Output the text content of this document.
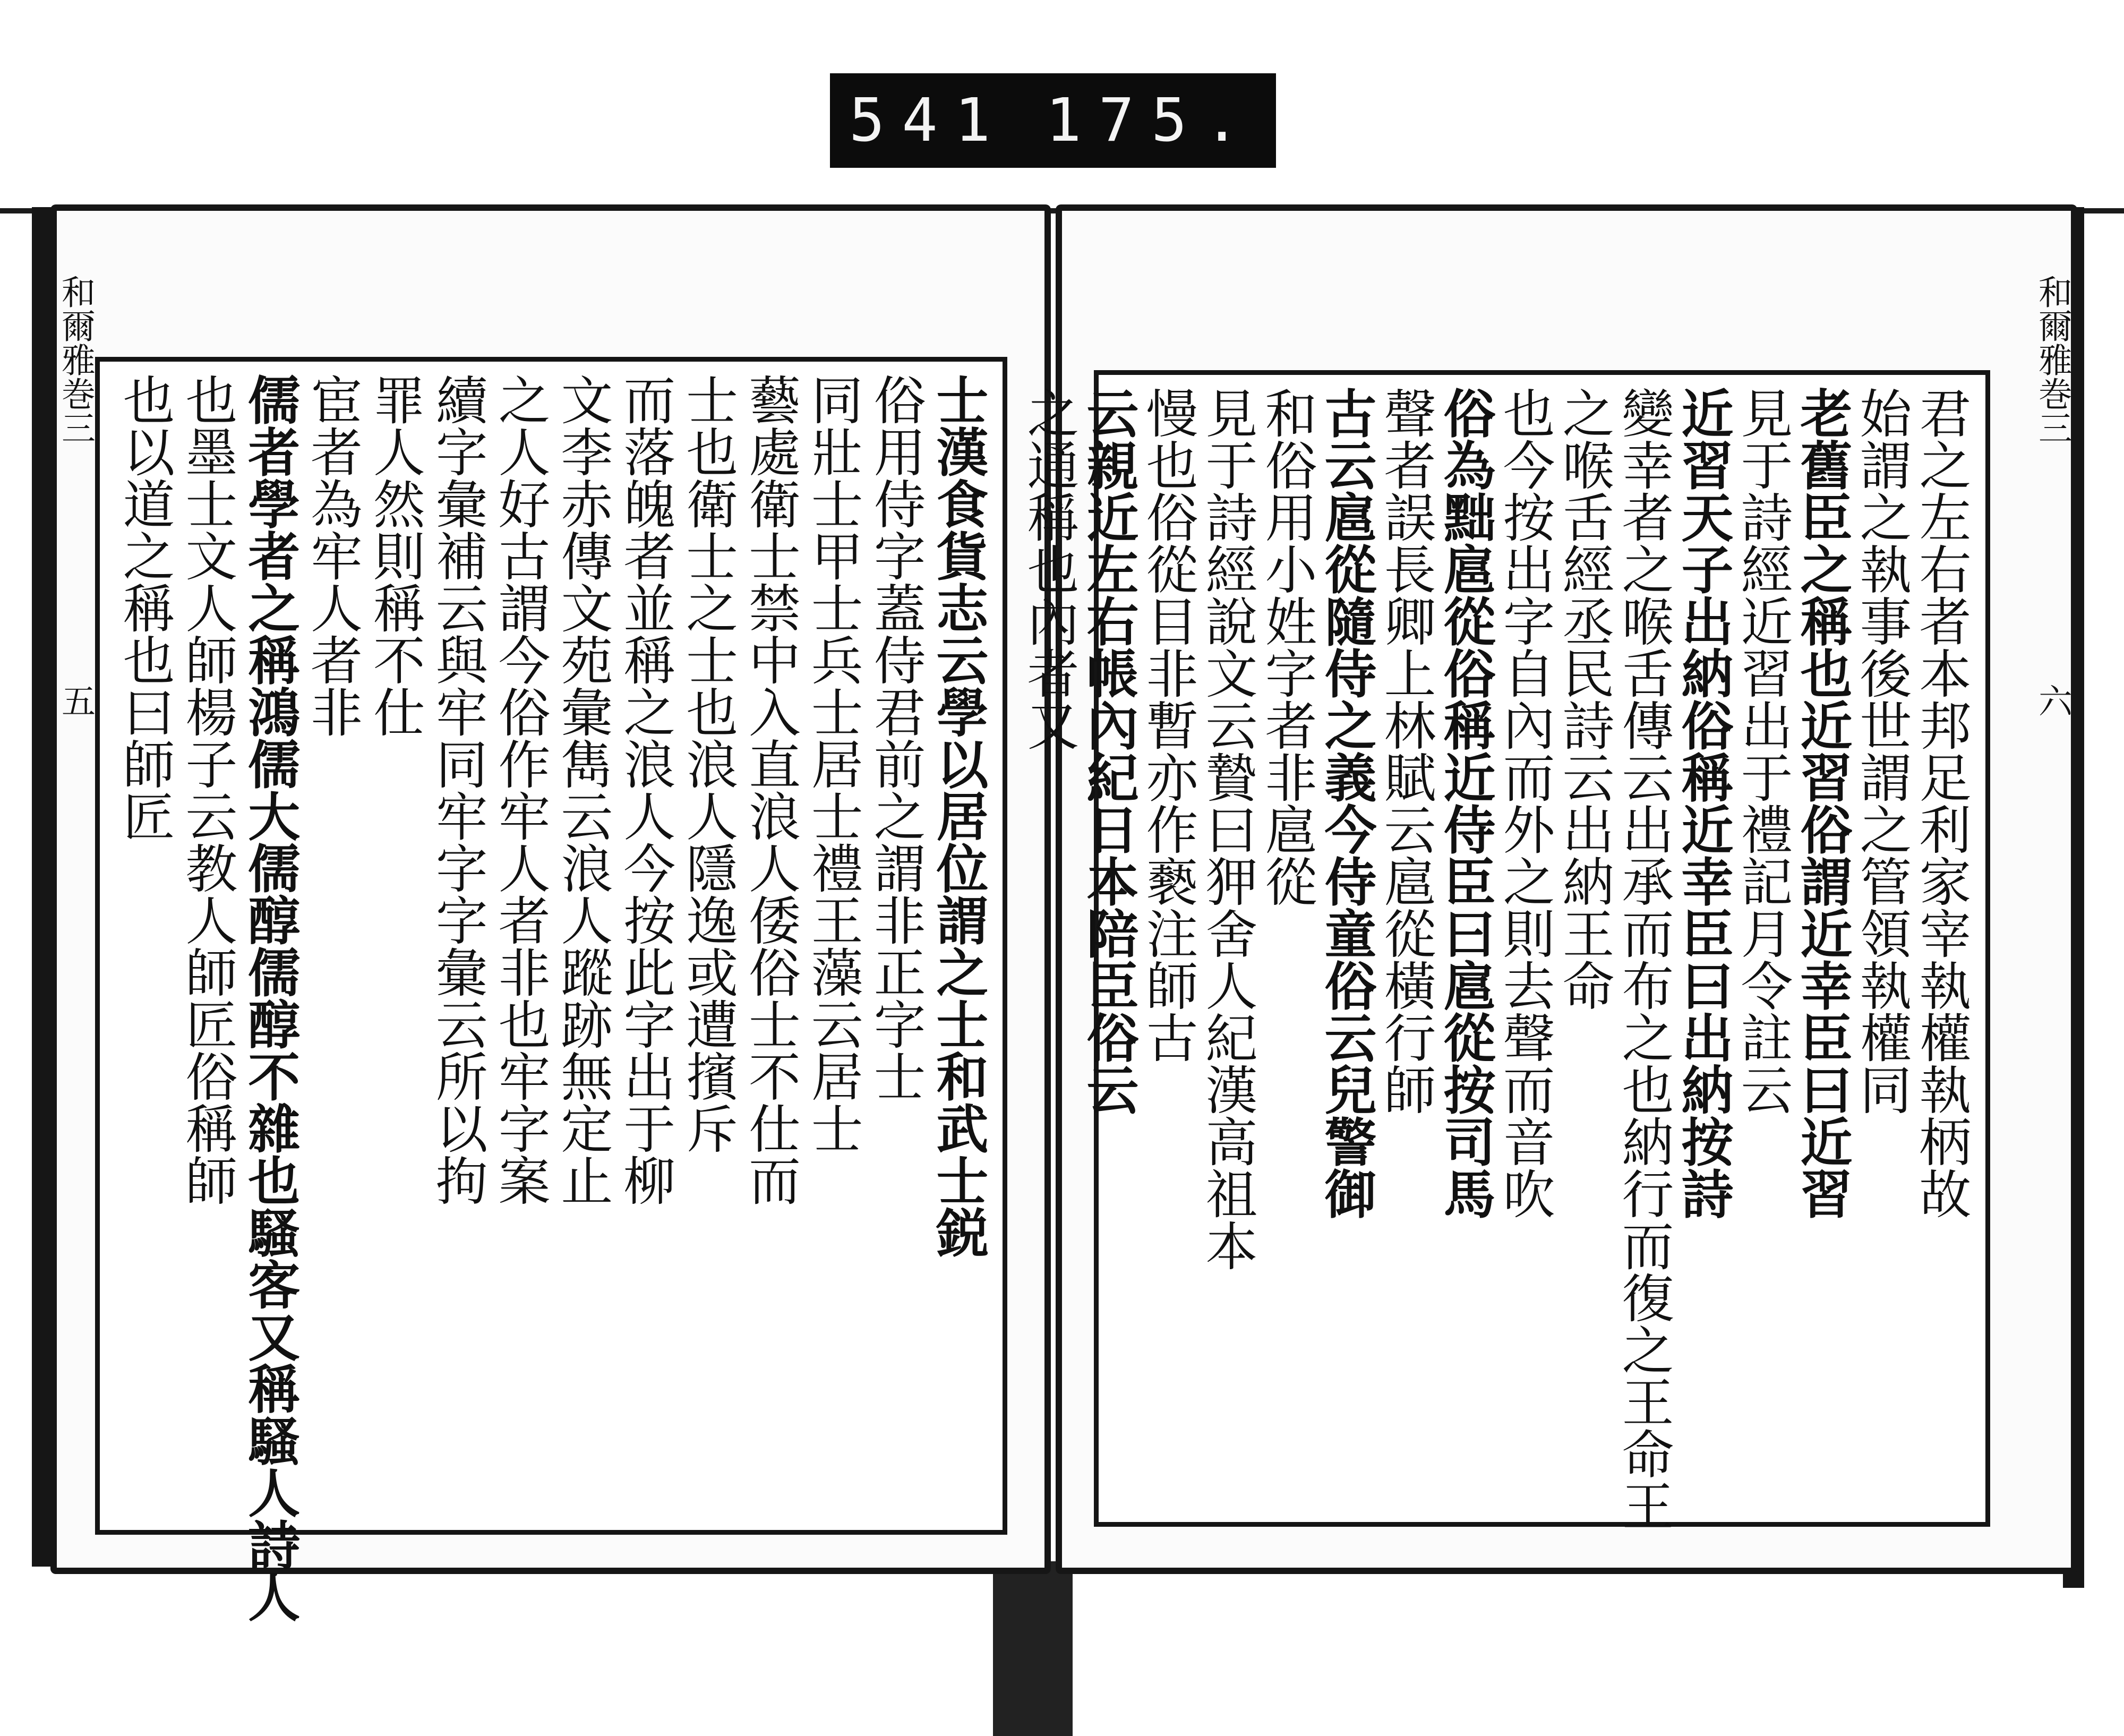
541 175.
和爾雅巻三
五	士漢食貨志云學以居位謂之士和武士鋭
俗用侍字蓋侍君前之謂非正字士
同壯士甲士兵士居士禮王藻云居士
藝處衛士禁中入直浪人倭俗士不仕而
士也衛士之士也浪人隱逸或遭擯斥
而落魄者並稱之浪人今按此字出于柳
文李赤傳文苑彙雋云浪人蹤跡無定止
之人好古謂今俗作牢人者非也牢字案
續字彙補云與牢同牢字字彙云所以拘
罪人然則稱不仕
宦者為牢人者非
儒者學者之稱鴻儒大儒醇儒醇不雜也騷客又稱騷人詩人
也墨士文人師楊子云教人師匠俗稱師
也以道之稱也曰師匠
和爾雅巻三
六
君之左右者本邦足利家宰執權執柄故
始謂之執事後世謂之管領執權同
老舊臣之稱也近習俗謂近幸臣曰近習
見于詩經近習出于禮記月令註云
近習天子出納俗稱近幸臣曰出納按詩
變幸者之喉舌傳云出承而布之也納行而復之王命王
之喉舌經丞民詩云出納王命
也今按出字自內而外之則去聲而音吹
俗為黜扈從俗稱近侍臣曰扈從按司馬
聲者誤長卿上林賦云扈從橫行師
古云扈從隨侍之義今侍童俗云兒警御
和俗用小姓字者非扈從
見于詩經說文云贄曰狎舍人紀漢高祖本
慢也俗從目非暫亦作褻注師古
云親近左右帳內紀日本陪臣俗云
之通稱也內者又
